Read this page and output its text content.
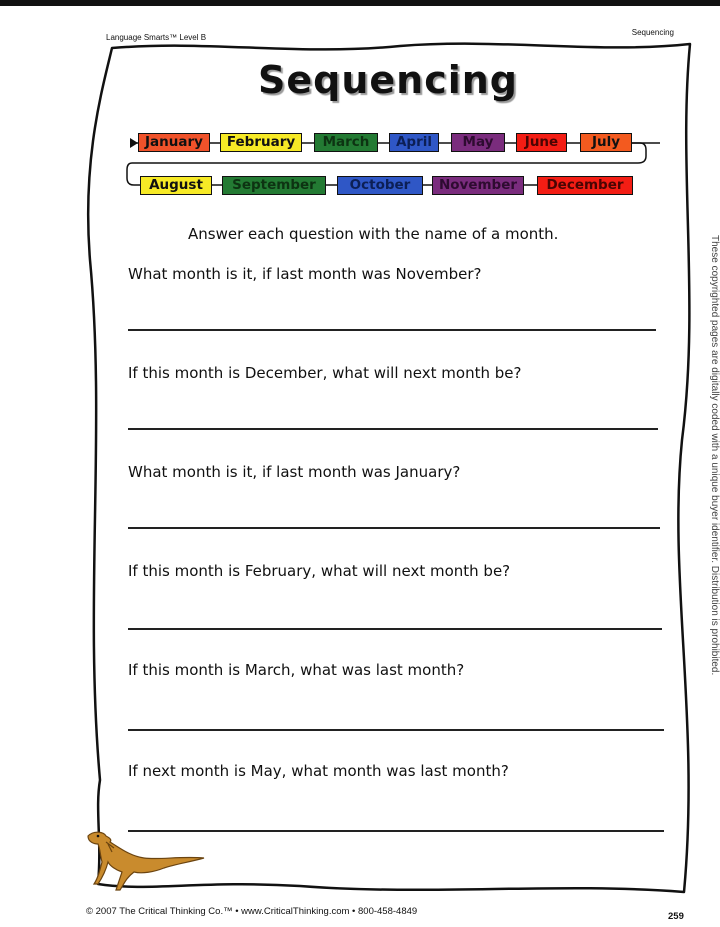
Language Smarts™ Level B
Sequencing
Sequencing
January	February	March	April	May	June	July
August	September	October	November	December
Answer each question with the name of a month.
What month is it, if last month was November?
If this month is December, what will next month be?
What month is it, if last month was January?
If this month is February, what will next month be?
If this month is March, what was last month?
If next month is May, what month was last month?
These copyrighted pages are digitally coded with a unique buyer identifier. Distribution is prohibited.
© 2007 The Critical Thinking Co.™ • www.CriticalThinking.com • 800-458-4849	259
